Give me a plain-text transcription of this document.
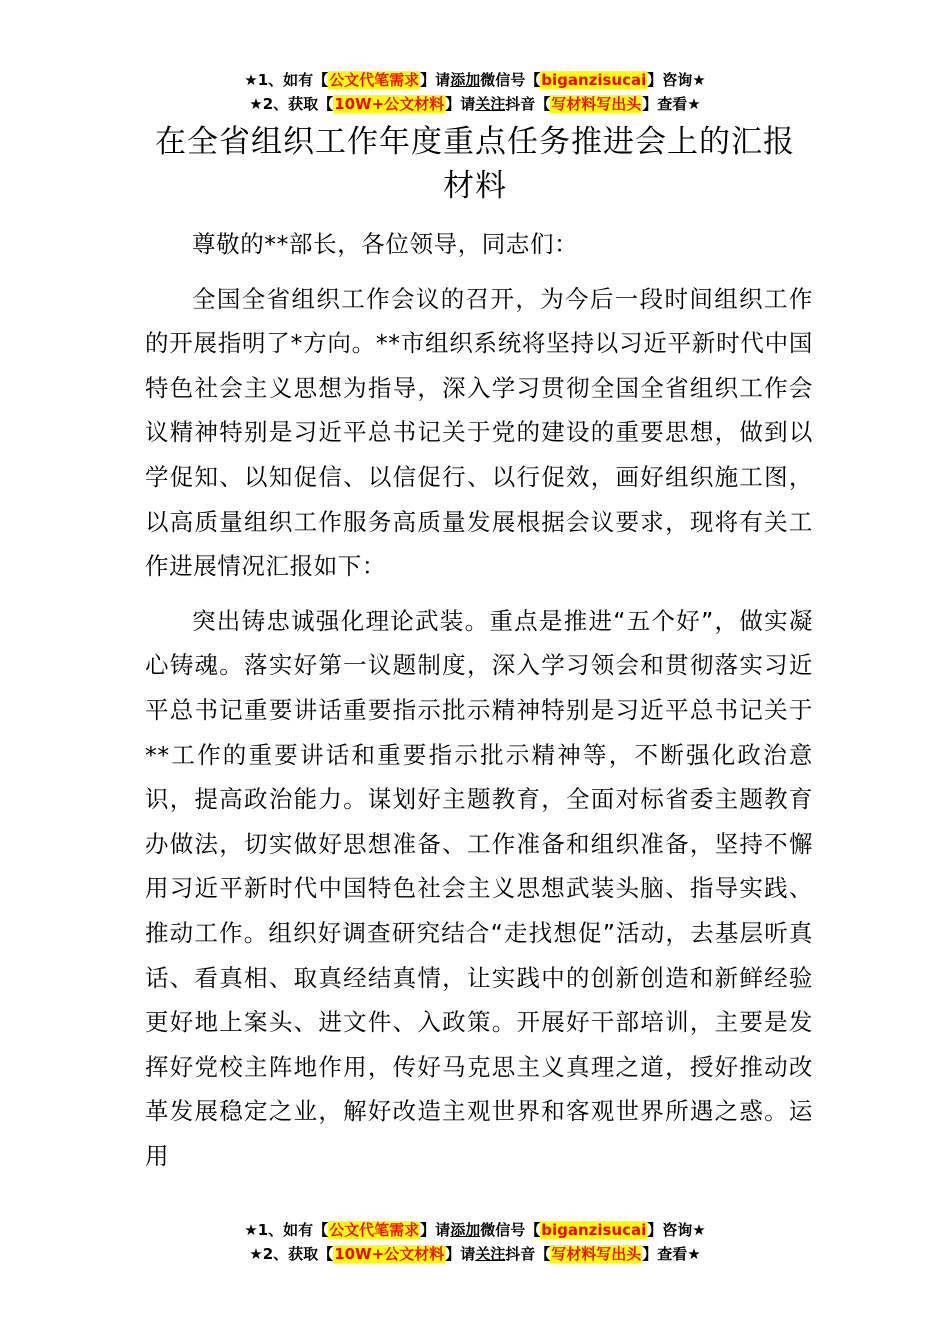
★1、如有【公文代笔需求】请添加微信号【biganzisucai】咨询★
★2、获取【10W+公文材料】请关注抖音【写材料写出头】查看★
在全省组织工作年度重点任务推进会上的汇报材料

尊敬的**部长，各位领导，同志们：

全国全省组织工作会议的召开，为今后一段时间组织工作的开展指明了*方向。**市组织系统将坚持以习近平新时代中国特色社会主义思想为指导，深入学习贯彻全国全省组织工作会议精神特别是习近平总书记关于党的建设的重要思想，做到以学促知、以知促信、以信促行、以行促效，画好组织施工图，以高质量组织工作服务高质量发展根据会议要求，现将有关工作进展情况汇报如下：

突出铸忠诚强化理论武装。重点是推进“五个好”，做实凝心铸魂。落实好第一议题制度，深入学习领会和贯彻落实习近平总书记重要讲话重要指示批示精神特别是习近平总书记关于**工作的重要讲话和重要指示批示精神等，不断强化政治意识，提高政治能力。谋划好主题教育，全面对标省委主题教育办做法，切实做好思想准备、工作准备和组织准备，坚持不懈用习近平新时代中国特色社会主义思想武装头脑、指导实践、推动工作。组织好调查研究结合“走找想促”活动，去基层听真话、看真相、取真经结真情，让实践中的创新创造和新鲜经验更好地上案头、进文件、入政策。开展好干部培训，主要是发挥好党校主阵地作用，传好马克思主义真理之道，授好推动改革发展稳定之业，解好改造主观世界和客观世界所遇之惑。运用

★1、如有【公文代笔需求】请添加微信号【biganzisucai】咨询★
★2、获取【10W+公文材料】请关注抖音【写材料写出头】查看★
